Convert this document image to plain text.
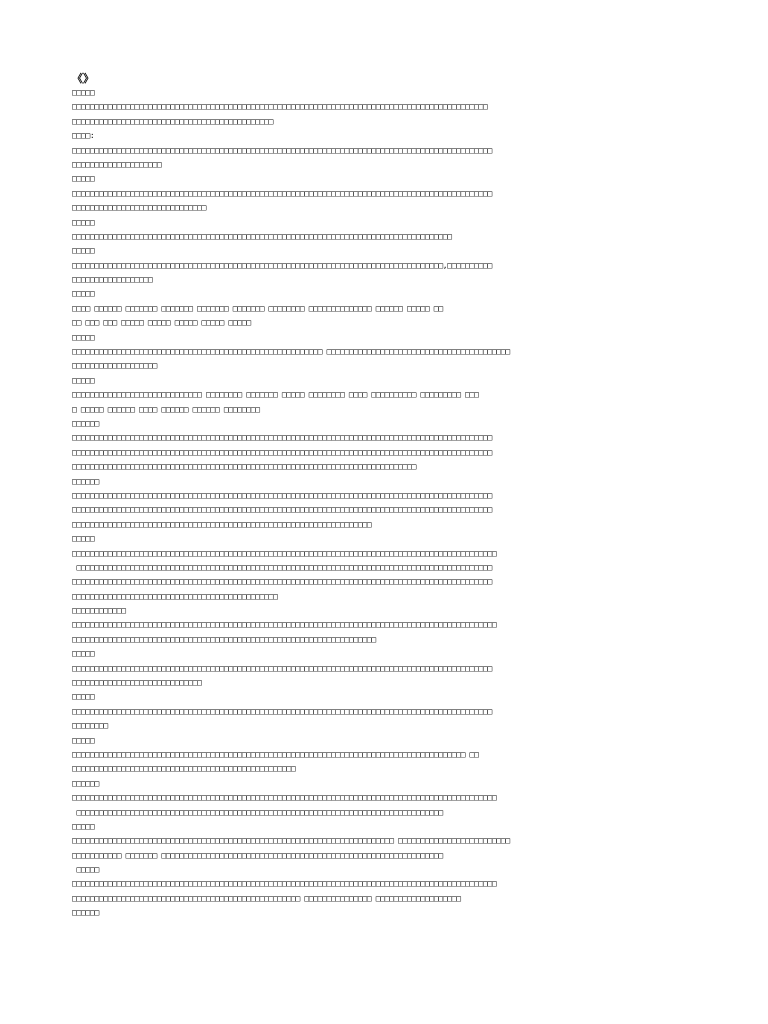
《》
□□□□□
□□□□□□□□□□□□□□□□□□□□□□□□□□□□□□□□□□□□□□□□□□□□□□□□□□□□□□□□□□□□□□□□□□□□□□□□□□□□□□□□□□□□□□□□□□□□□
□□□□□□□□□□□□□□□□□□□□□□□□□□□□□□□□□□□□□□□□□□□□□
□□□□:
□□□□□□□□□□□□□□□□□□□□□□□□□□□□□□□□□□□□□□□□□□□□□□□□□□□□□□□□□□□□□□□□□□□□□□□□□□□□□□□□□□□□□□□□□□□□□□
□□□□□□□□□□□□□□□□□□□□
□□□□□
□□□□□□□□□□□□□□□□□□□□□□□□□□□□□□□□□□□□□□□□□□□□□□□□□□□□□□□□□□□□□□□□□□□□□□□□□□□□□□□□□□□□□□□□□□□□□□
□□□□□□□□□□□□□□□□□□□□□□□□□□□□□□
□□□□□
□□□□□□□□□□□□□□□□□□□□□□□□□□□□□□□□□□□□□□□□□□□□□□□□□□□□□□□□□□□□□□□□□□□□□□□□□□□□□□□□□□□□□
□□□□□
□□□□□□□□□□□□□□□□□□□□□□□□□□□□□□□□□□□□□□□□□□□□□□□□□□□□□□□□□□□□□□□□□□□□□□□□□□□□□□□□□□□,□□□□□□□□□□
□□□□□□□□□□□□□□□□□□
□□□□□
□□□□ □□□□□□ □□□□□□□ □□□□□□□ □□□□□□□ □□□□□□□ □□□□□□□□ □□□□□□□□□□□□□□ □□□□□□ □□□□□ □□
□□ □□□ □□□ □□□□□ □□□□□ □□□□□ □□□□□ □□□□□
□□□□□
□□□□□□□□□□□□□□□□□□□□□□□□□□□□□□□□□□□□□□□□□□□□□□□□□□□□□□□□ □□□□□□□□□□□□□□□□□□□□□□□□□□□□□□□□□□□□□□□□□
□□□□□□□□□□□□□□□□□□□
□□□□□
□□□□□□□□□□□□□□□□□□□□□□□□□□□□□ □□□□□□□□ □□□□□□□ □□□□□ □□□□□□□□ □□□□ □□□□□□□□□□ □□□□□□□□□ □□□
□ □□□□□ □□□□□□ □□□□ □□□□□□ □□□□□□ □□□□□□□□
□□□□□□
□□□□□□□□□□□□□□□□□□□□□□□□□□□□□□□□□□□□□□□□□□□□□□□□□□□□□□□□□□□□□□□□□□□□□□□□□□□□□□□□□□□□□□□□□□□□□□
□□□□□□□□□□□□□□□□□□□□□□□□□□□□□□□□□□□□□□□□□□□□□□□□□□□□□□□□□□□□□□□□□□□□□□□□□□□□□□□□□□□□□□□□□□□□□□
□□□□□□□□□□□□□□□□□□□□□□□□□□□□□□□□□□□□□□□□□□□□□□□□□□□□□□□□□□□□□□□□□□□□□□□□□□□□□
□□□□□□
□□□□□□□□□□□□□□□□□□□□□□□□□□□□□□□□□□□□□□□□□□□□□□□□□□□□□□□□□□□□□□□□□□□□□□□□□□□□□□□□□□□□□□□□□□□□□□
□□□□□□□□□□□□□□□□□□□□□□□□□□□□□□□□□□□□□□□□□□□□□□□□□□□□□□□□□□□□□□□□□□□□□□□□□□□□□□□□□□□□□□□□□□□□□□
□□□□□□□□□□□□□□□□□□□□□□□□□□□□□□□□□□□□□□□□□□□□□□□□□□□□□□□□□□□□□□□□□□□
□□□□□
□□□□□□□□□□□□□□□□□□□□□□□□□□□□□□□□□□□□□□□□□□□□□□□□□□□□□□□□□□□□□□□□□□□□□□□□□□□□□□□□□□□□□□□□□□□□□□□
□□□□□□□□□□□□□□□□□□□□□□□□□□□□□□□□□□□□□□□□□□□□□□□□□□□□□□□□□□□□□□□□□□□□□□□□□□□□□□□□□□□□□□□□□□□□□
□□□□□□□□□□□□□□□□□□□□□□□□□□□□□□□□□□□□□□□□□□□□□□□□□□□□□□□□□□□□□□□□□□□□□□□□□□□□□□□□□□□□□□□□□□□□□□
□□□□□□□□□□□□□□□□□□□□□□□□□□□□□□□□□□□□□□□□□□□□□□
□□□□□□□□□□□□
□□□□□□□□□□□□□□□□□□□□□□□□□□□□□□□□□□□□□□□□□□□□□□□□□□□□□□□□□□□□□□□□□□□□□□□□□□□□□□□□□□□□□□□□□□□□□□□
□□□□□□□□□□□□□□□□□□□□□□□□□□□□□□□□□□□□□□□□□□□□□□□□□□□□□□□□□□□□□□□□□□□□
□□□□□
□□□□□□□□□□□□□□□□□□□□□□□□□□□□□□□□□□□□□□□□□□□□□□□□□□□□□□□□□□□□□□□□□□□□□□□□□□□□□□□□□□□□□□□□□□□□□□
□□□□□□□□□□□□□□□□□□□□□□□□□□□□□
□□□□□
□□□□□□□□□□□□□□□□□□□□□□□□□□□□□□□□□□□□□□□□□□□□□□□□□□□□□□□□□□□□□□□□□□□□□□□□□□□□□□□□□□□□□□□□□□□□□□
□□□□□□□□
□□□□□
□□□□□□□□□□□□□□□□□□□□□□□□□□□□□□□□□□□□□□□□□□□□□□□□□□□□□□□□□□□□□□□□□□□□□□□□□□□□□□□□□□□□□□□□ □□
□□□□□□□□□□□□□□□□□□□□□□□□□□□□□□□□□□□□□□□□□□□□□□□□□□
□□□□□□
□□□□□□□□□□□□□□□□□□□□□□□□□□□□□□□□□□□□□□□□□□□□□□□□□□□□□□□□□□□□□□□□□□□□□□□□□□□□□□□□□□□□□□□□□□□□□□□
□□□□□□□□□□□□□□□□□□□□□□□□□□□□□□□□□□□□□□□□□□□□□□□□□□□□□□□□□□□□□□□□□□□□□□□□□□□□□□□□□□
□□□□□
□□□□□□□□□□□□□□□□□□□□□□□□□□□□□□□□□□□□□□□□□□□□□□□□□□□□□□□□□□□□□□□□□□□□□□□□ □□□□□□□□□□□□□□□□□□□□□□□□□
□□□□□□□□□□□ □□□□□□□ □□□□□□□□□□□□□□□□□□□□□□□□□□□□□□□□□□□□□□□□□□□□□□□□□□□□□□□□□□□□□□□
□□□□□
□□□□□□□□□□□□□□□□□□□□□□□□□□□□□□□□□□□□□□□□□□□□□□□□□□□□□□□□□□□□□□□□□□□□□□□□□□□□□□□□□□□□□□□□□□□□□□□
□□□□□□□□□□□□□□□□□□□□□□□□□□□□□□□□□□□□□□□□□□□□□□□□□□□ □□□□□□□□□□□□□□□ □□□□□□□□□□□□□□□□□□□
□□□□□□
